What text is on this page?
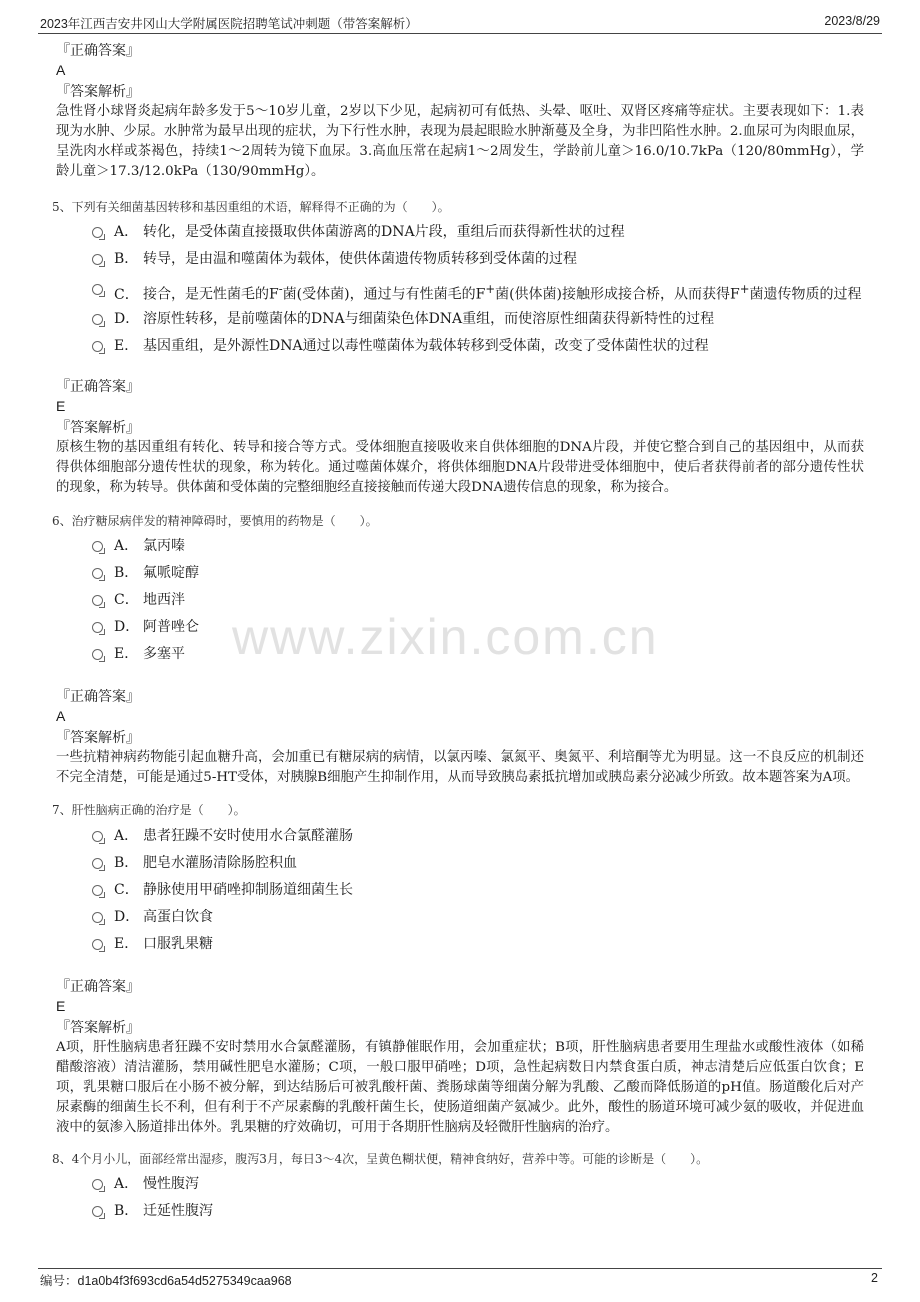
2023年江西吉安井冈山大学附属医院招聘笔试冲刺题（带答案解析）	2023/8/29
www.zixin.com.cn

『正确答案』

A

『答案解析』

急性肾小球肾炎起病年龄多发于5～10岁儿童，2岁以下少见，起病初可有低热、头晕、呕吐、双肾区疼痛等症状。主要表现如下：1.表现为水肿、少尿。水肿常为最早出现的症状，为下行性水肿，表现为晨起眼睑水肿渐蔓及全身，为非凹陷性水肿。2.血尿可为肉眼血尿，呈洗肉水样或茶褐色，持续1～2周转为镜下血尿。3.高血压常在起病1～2周发生，学龄前儿童＞16.0/10.7kPa（120/80mmHg），学龄儿童＞17.3/12.0kPa（130/90mmHg）。

5、下列有关细菌基因转移和基因重组的术语，解释得不正确的为（　　）。

A． 转化，是受体菌直接摄取供体菌游离的DNA片段，重组后而获得新性状的过程

B． 转导，是由温和噬菌体为载体，使供体菌遗传物质转移到受体菌的过程

C． 接合，是无性菌毛的F-菌(受体菌)，通过与有性菌毛的F+菌(供体菌)接触形成接合桥，从而获得F+菌遗传物质的过程

D． 溶原性转移，是前噬菌体的DNA与细菌染色体DNA重组，而使溶原性细菌获得新特性的过程

E． 基因重组，是外源性DNA通过以毒性噬菌体为载体转移到受体菌，改变了受体菌性状的过程

『正确答案』

E

『答案解析』

原核生物的基因重组有转化、转导和接合等方式。受体细胞直接吸收来自供体细胞的DNA片段，并使它整合到自己的基因组中，从而获得供体细胞部分遗传性状的现象，称为转化。通过噬菌体媒介，将供体细胞DNA片段带进受体细胞中，使后者获得前者的部分遗传性状的现象，称为转导。供体菌和受体菌的完整细胞经直接接触而传递大段DNA遗传信息的现象，称为接合。

6、治疗糖尿病伴发的精神障碍时，要慎用的药物是（　　）。

A． 氯丙嗪

B． 氟哌啶醇

C． 地西泮

D． 阿普唑仑

E． 多塞平

『正确答案』

A

『答案解析』

一些抗精神病药物能引起血糖升高，会加重已有糖尿病的病情，以氯丙嗪、氯氮平、奥氮平、利培酮等尤为明显。这一不良反应的机制还不完全清楚，可能是通过5-HT受体，对胰腺B细胞产生抑制作用，从而导致胰岛素抵抗增加或胰岛素分泌减少所致。故本题答案为A项。

7、肝性脑病正确的治疗是（　　）。

A． 患者狂躁不安时使用水合氯醛灌肠

B． 肥皂水灌肠清除肠腔积血

C． 静脉使用甲硝唑抑制肠道细菌生长

D． 高蛋白饮食

E． 口服乳果糖

『正确答案』

E

『答案解析』

A项，肝性脑病患者狂躁不安时禁用水合氯醛灌肠，有镇静催眠作用，会加重症状；B项，肝性脑病患者要用生理盐水或酸性液体（如稀醋酸溶液）清洁灌肠，禁用碱性肥皂水灌肠；C项，一般口服甲硝唑；D项，急性起病数日内禁食蛋白质，神志清楚后应低蛋白饮食；E项，乳果糖口服后在小肠不被分解，到达结肠后可被乳酸杆菌、粪肠球菌等细菌分解为乳酸、乙酸而降低肠道的pH值。肠道酸化后对产尿素酶的细菌生长不利，但有利于不产尿素酶的乳酸杆菌生长，使肠道细菌产氨减少。此外，酸性的肠道环境可减少氨的吸收，并促进血液中的氨渗入肠道排出体外。乳果糖的疗效确切，可用于各期肝性脑病及轻微肝性脑病的治疗。

8、4个月小儿，面部经常出湿疹，腹泻3月，每日3～4次，呈黄色糊状便，精神食纳好，营养中等。可能的诊断是（　　）。

A． 慢性腹泻

B． 迁延性腹泻

编号：d1a0b4f3f693cd6a54d5275349caa968	2
